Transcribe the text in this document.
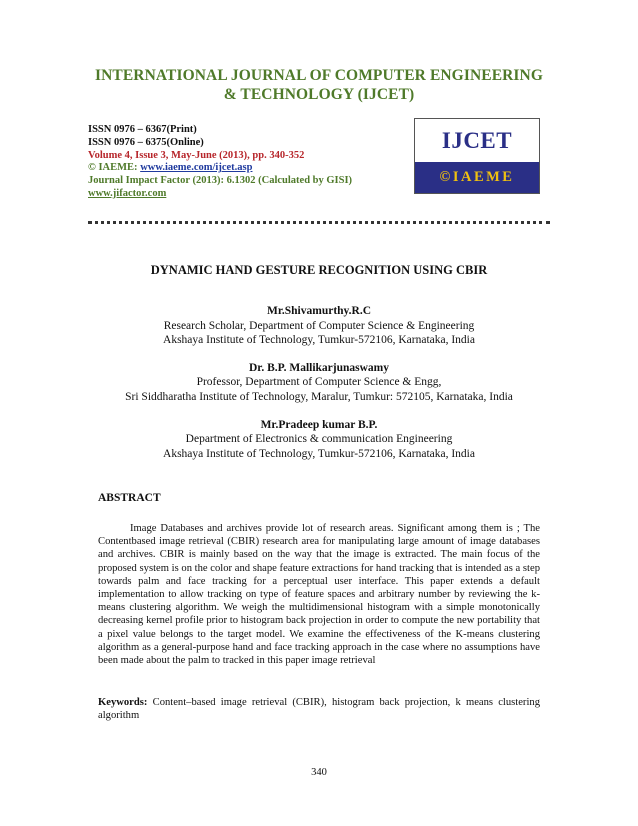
INTERNATIONAL JOURNAL OF COMPUTER ENGINEERING
& TECHNOLOGY (IJCET)
ISSN 0976 – 6367(Print)
ISSN 0976 – 6375(Online)
Volume 4, Issue 3, May-June (2013), pp. 340-352
© IAEME: www.iaeme.com/ijcet.asp
Journal Impact Factor (2013): 6.1302 (Calculated by GISI)
www.jifactor.com
IJCET
©IAEME
DYNAMIC HAND GESTURE RECOGNITION USING CBIR
Mr.Shivamurthy.R.C
Research Scholar, Department of Computer Science & Engineering
Akshaya Institute of Technology, Tumkur-572106, Karnataka, India
Dr. B.P. Mallikarjunaswamy
Professor, Department of Computer Science & Engg,
Sri Siddharatha Institute of Technology, Maralur, Tumkur: 572105, Karnataka, India
Mr.Pradeep kumar B.P.
Department of Electronics & communication Engineering
Akshaya Institute of Technology, Tumkur-572106, Karnataka, India
ABSTRACT

Image Databases and archives provide lot of research areas. Significant among them is ; The Contentbased image retrieval (CBIR) research area for manipulating large amount of image databases and archives. CBIR is mainly based on the way that the image is extracted. The main focus of the proposed system is on the color and shape feature extractions for hand tracking that is intended as a step towards palm and face tracking for a perceptual user interface. This paper extends a default implementation to allow tracking on type of feature spaces and arbitrary number by reviewing the k-means clustering algorithm. We weigh the multidimensional histogram with a simple monotonically decreasing kernel profile prior to histogram back projection in order to compute the new portability that a pixel value belongs to the target model. We examine the effectiveness of the K-means clustering algorithm as a general-purpose hand and face tracking approach in the case where no assumptions have been made about the palm to tracked in this paper image retrieval

Keywords: Content–based image retrieval (CBIR), histogram back projection, k means clustering algorithm
340
